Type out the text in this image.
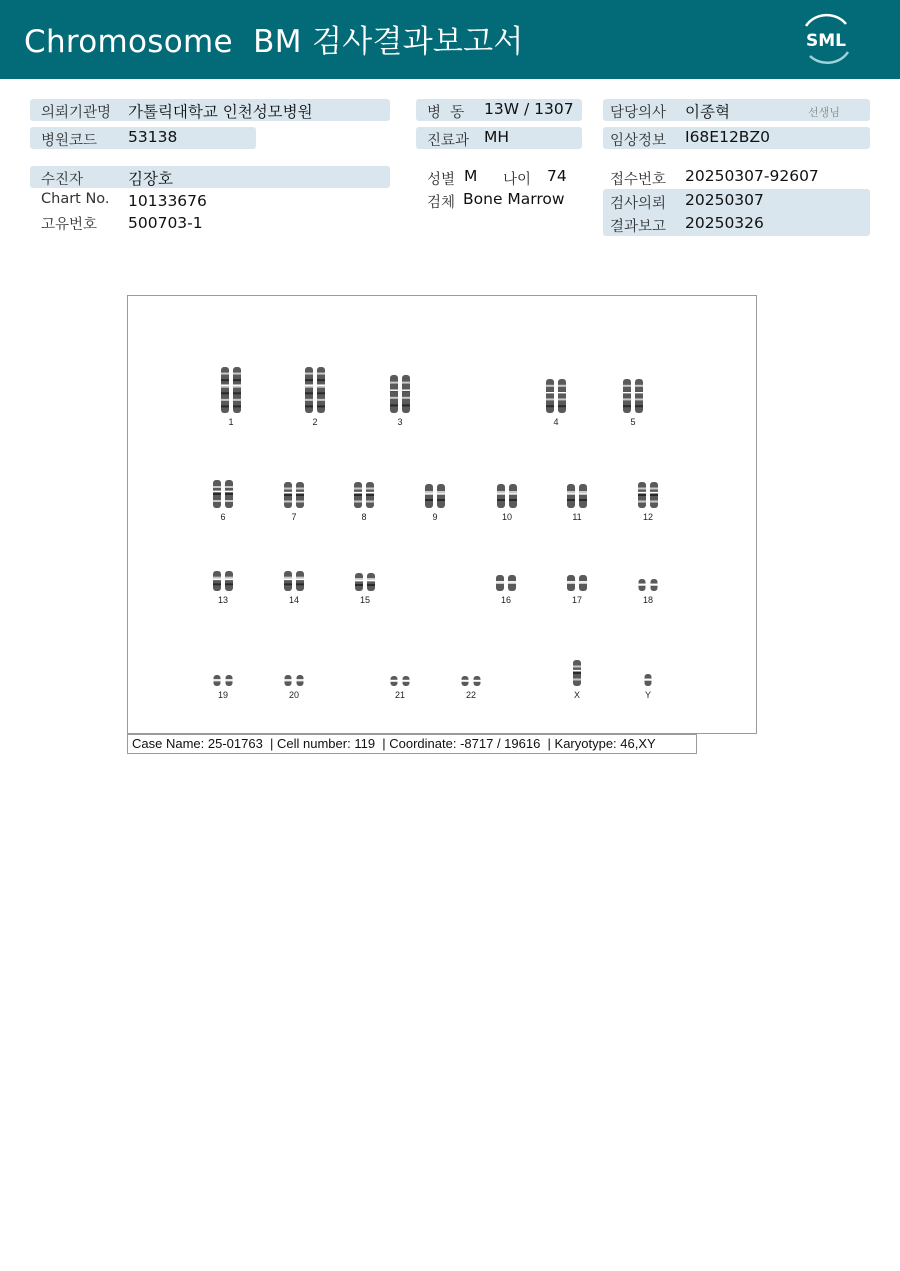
Chromosome  BM 검사결과보고서	SML
의뢰기관명 가톨릭대학교 인천성모병원
병원코드 53138
수진자	김장호
Chart No. 10133676
고유번호 500703-1
병  동 13W / 1307
진료과 MH
성별 M 나이 74
검체 Bone Marrow
담당의사 이종혁	선생님
임상정보 I68E12BZ0
접수번호 20250307-92607
검사의뢰 20250307
결과보고 20250326
1	2	3	4	5
6	7	8	9	10	11	12
13	14	15	16	17	18
19	20	21	22	X	Y
Case Name: 25-01763  | Cell number: 119  | Coordinate: -8717 / 19616  | Karyotype: 46,XY
